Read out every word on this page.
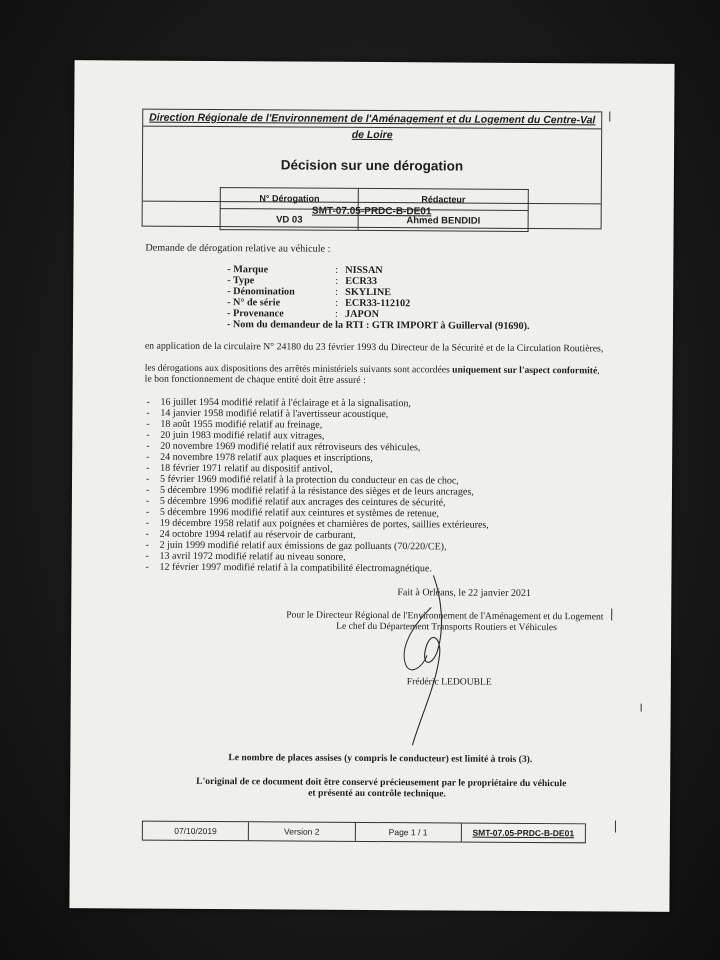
Direction Régionale de l'Environnement de l'Aménagement et du Logement du Centre-Val de Loire
Décision sur une dérogation
SMT-07.05-PRDC-B-DE01
N° Dérogation	Rédacteur
VD 03	Ahmed BENDIDI
Demande de dérogation relative au véhicule :
- Marque	: NISSAN
- Type	: ECR33
- Dénomination	: SKYLINE
- N° de série	: ECR33-112102
- Provenance	: JAPON
- Nom du demandeur de la RTI : GTR IMPORT à Guillerval (91690).
en application de la circulaire N° 24180 du 23 février 1993 du Directeur de la Sécurité et de la Circulation Routières,
les dérogations aux dispositions des arrêtés ministériels suivants sont accordées uniquement sur l'aspect conformité,
le bon fonctionnement de chaque entité doit être assuré :
- 16 juillet 1954 modifié relatif à l'éclairage et à la signalisation,
- 14 janvier 1958 modifié relatif à l'avertisseur acoustique,
- 18 août 1955 modifié relatif au freinage,
- 20 juin 1983 modifié relatif aux vitrages,
- 20 novembre 1969 modifié relatif aux rétroviseurs des véhicules,
- 24 novembre 1978 relatif aux plaques et inscriptions,
- 18 février 1971 relatif au dispositif antivol,
- 5 février 1969 modifié relatif à la protection du conducteur en cas de choc,
- 5 décembre 1996 modifié relatif à la résistance des sièges et de leurs ancrages,
- 5 décembre 1996 modifié relatif aux ancrages des ceintures de sécurité,
- 5 décembre 1996 modifié relatif aux ceintures et systèmes de retenue,
- 19 décembre 1958 relatif aux poignées et charnières de portes, saillies extérieures,
- 24 octobre 1994 relatif au réservoir de carburant,
- 2 juin 1999 modifié relatif aux émissions de gaz polluants (70/220/CE),
- 13 avril 1972 modifié relatif au niveau sonore,
- 12 février 1997 modifié relatif à la compatibilité électromagnétique.
Fait à Orléans, le 22 janvier 2021
Pour le Directeur Régional de l'Environnement de l'Aménagement et du Logement
Le chef du Département Transports Routiers et Véhicules
Frédéric LEDOUBLE
Le nombre de places assises (y compris le conducteur) est limité à trois (3).
L'original de ce document doit être conservé précieusement par le propriétaire du véhicule
et présenté au contrôle technique.
07/10/2019	Version 2	Page 1 / 1	SMT-07.05-PRDC-B-DE01
